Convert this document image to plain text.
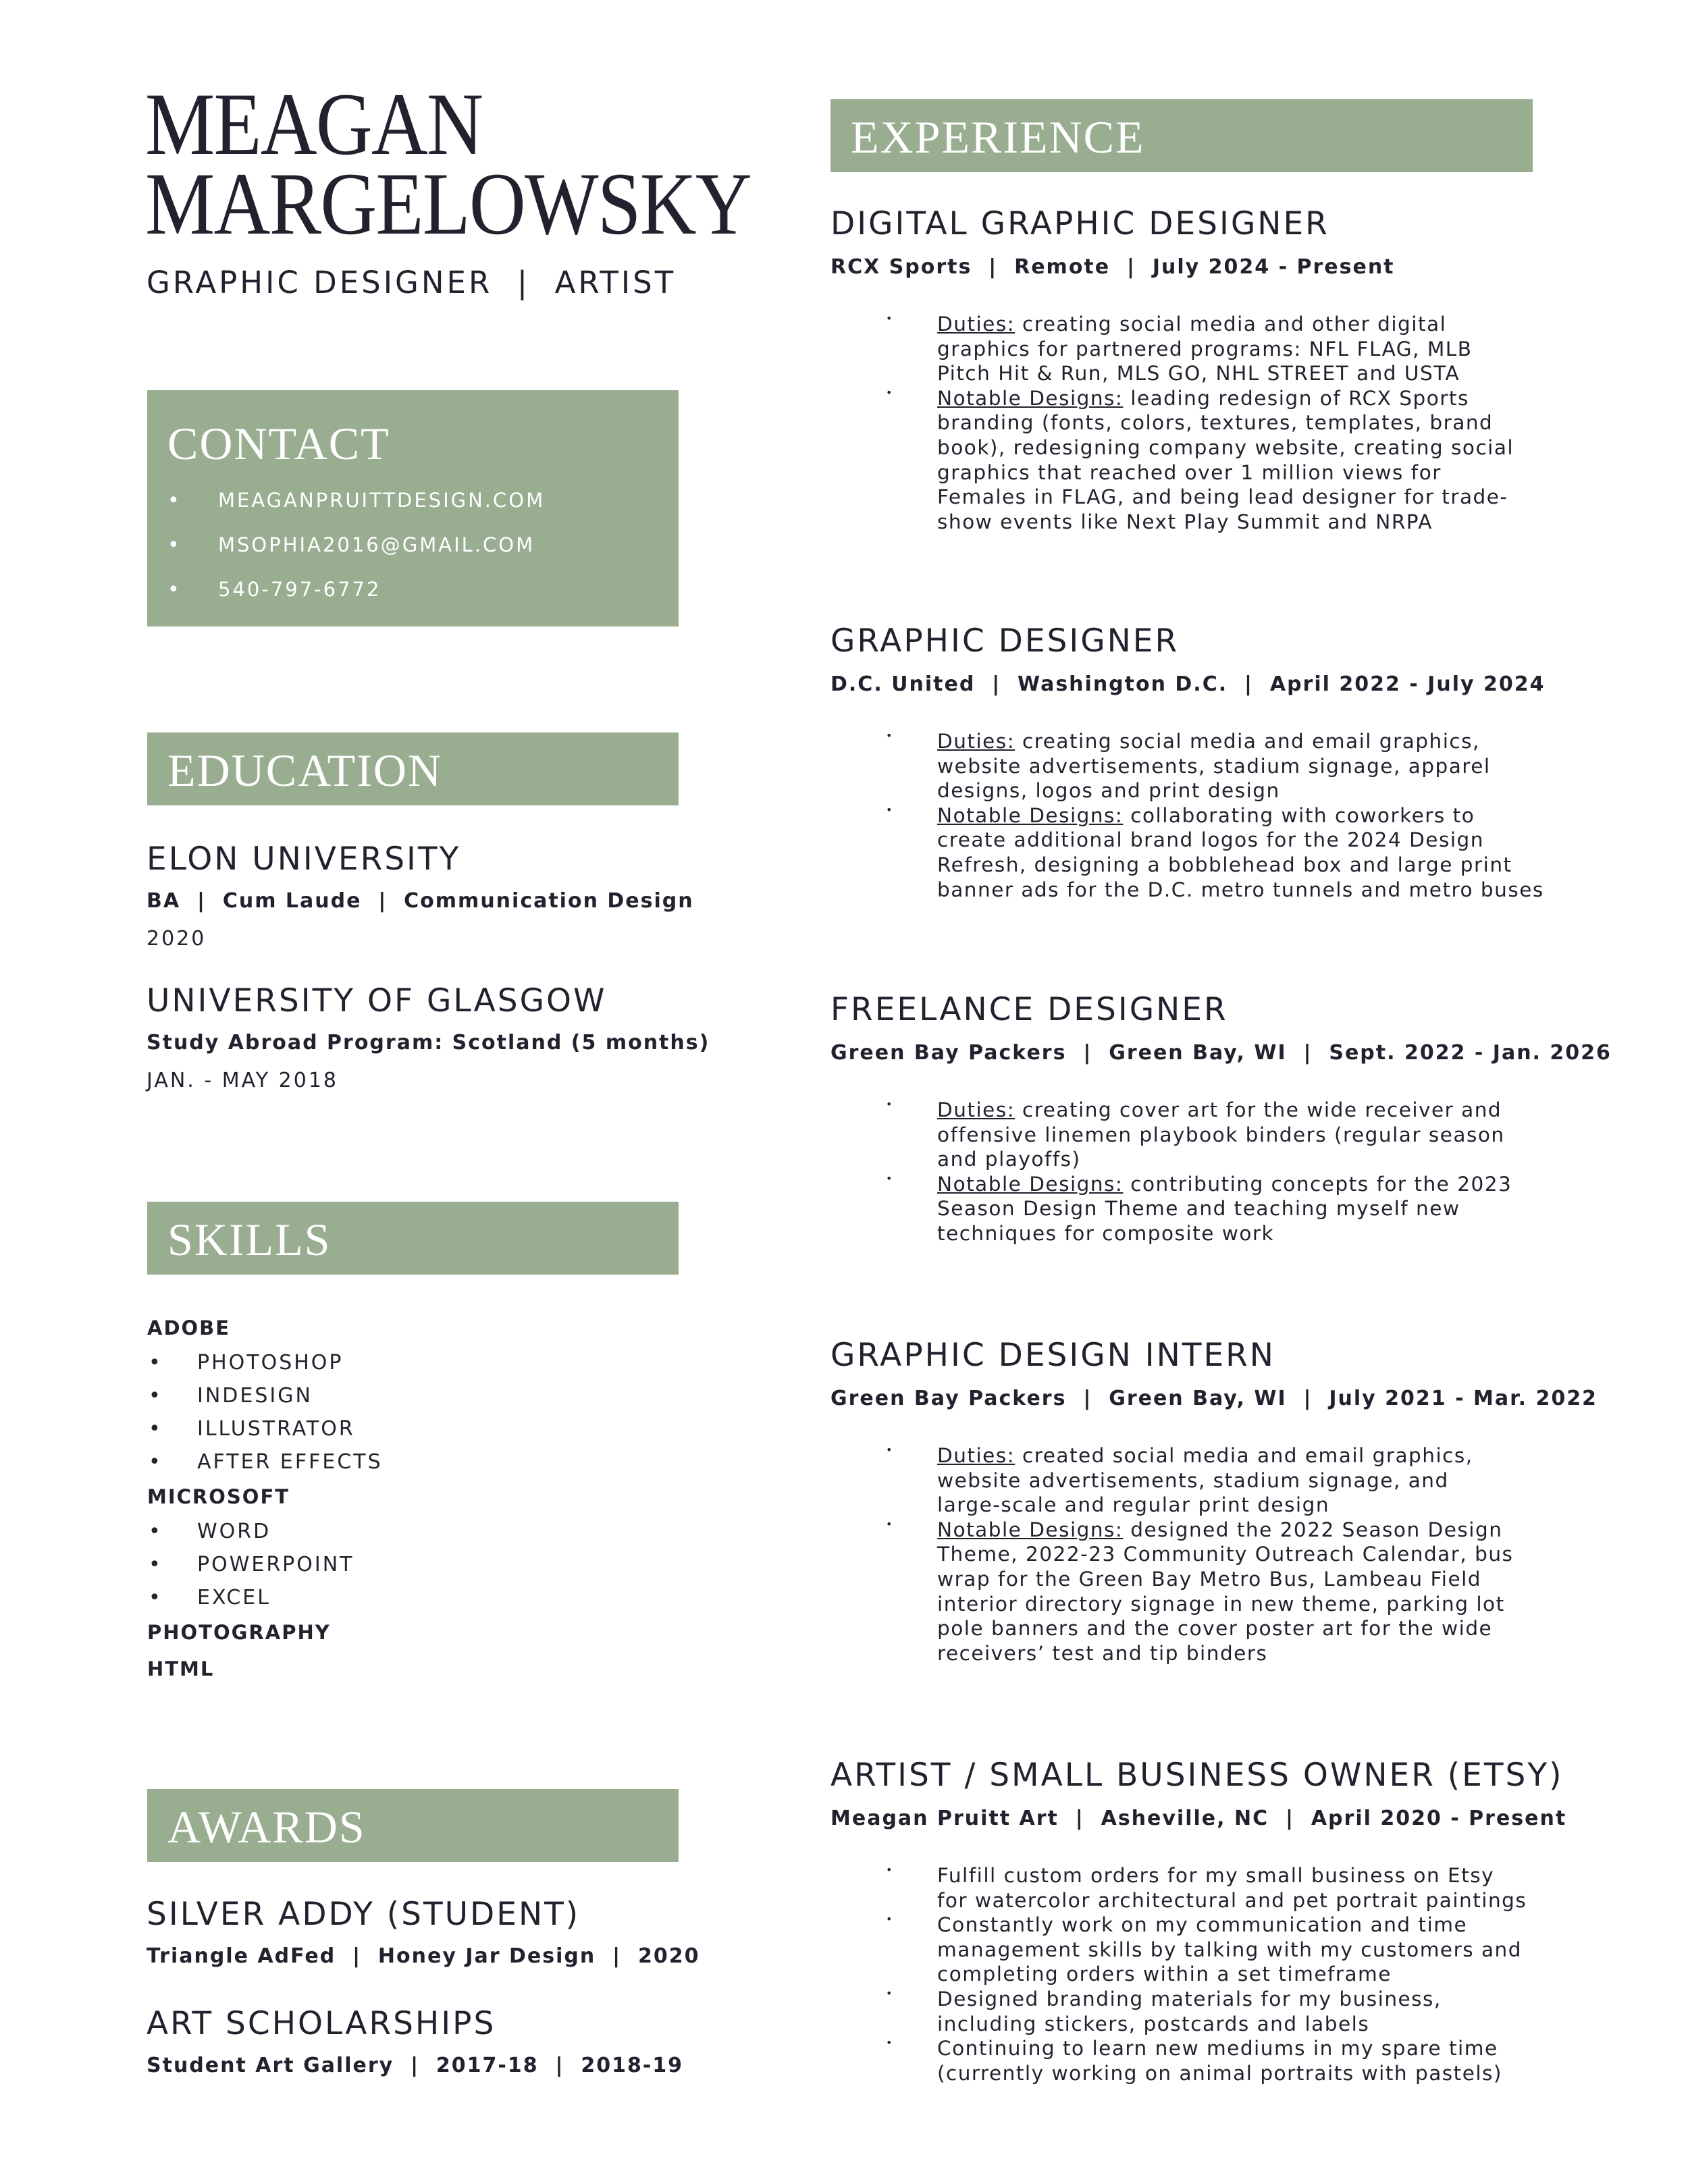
MEAGAN
MARGELOWSKY
GRAPHIC DESIGNER  |  ARTIST
CONTACT
• MEAGANPRUITTDESIGN.COM
• MSOPHIA2016@GMAIL.COM
• 540-797-6772
EDUCATION
ELON UNIVERSITY
BA  |  Cum Laude  |  Communication Design
2020
UNIVERSITY OF GLASGOW
Study Abroad Program: Scotland (5 months)
JAN. - MAY 2018
SKILLS
ADOBE
• PHOTOSHOP
• INDESIGN
• ILLUSTRATOR
• AFTER EFFECTS
MICROSOFT
• WORD
• POWERPOINT
• EXCEL
PHOTOGRAPHY
HTML
AWARDS
SILVER ADDY (STUDENT)
Triangle AdFed  |  Honey Jar Design  |  2020
ART SCHOLARSHIPS
Student Art Gallery  |  2017-18  |  2018-19
EXPERIENCE
DIGITAL GRAPHIC DESIGNER
RCX Sports  |  Remote  |  July 2024 - Present
• Duties: creating social media and other digital
graphics for partnered programs: NFL FLAG, MLB
Pitch Hit & Run, MLS GO, NHL STREET and USTA
• Notable Designs: leading redesign of RCX Sports
branding (fonts, colors, textures, templates, brand
book), redesigning company website, creating social
graphics that reached over 1 million views for
Females in FLAG, and being lead designer for trade-
show events like Next Play Summit and NRPA
GRAPHIC DESIGNER
D.C. United  |  Washington D.C.  |  April 2022 - July 2024
• Duties: creating social media and email graphics,
website advertisements, stadium signage, apparel
designs, logos and print design
• Notable Designs: collaborating with coworkers to
create additional brand logos for the 2024 Design
Refresh, designing a bobblehead box and large print
banner ads for the D.C. metro tunnels and metro buses
FREELANCE DESIGNER
Green Bay Packers  |  Green Bay, WI  |  Sept. 2022 - Jan. 2026
• Duties: creating cover art for the wide receiver and
offensive linemen playbook binders (regular season
and playoffs)
• Notable Designs: contributing concepts for the 2023
Season Design Theme and teaching myself new
techniques for composite work
GRAPHIC DESIGN INTERN
Green Bay Packers  |  Green Bay, WI  |  July 2021 - Mar. 2022
• Duties: created social media and email graphics,
website advertisements, stadium signage, and
large-scale and regular print design
• Notable Designs: designed the 2022 Season Design
Theme, 2022-23 Community Outreach Calendar, bus
wrap for the Green Bay Metro Bus, Lambeau Field
interior directory signage in new theme, parking lot
pole banners and the cover poster art for the wide
receivers’ test and tip binders
ARTIST / SMALL BUSINESS OWNER (ETSY)
Meagan Pruitt Art  |  Asheville, NC  |  April 2020 - Present
• Fulfill custom orders for my small business on Etsy
for watercolor architectural and pet portrait paintings
• Constantly work on my communication and time
management skills by talking with my customers and
completing orders within a set timeframe
• Designed branding materials for my business,
including stickers, postcards and labels
• Continuing to learn new mediums in my spare time
(currently working on animal portraits with pastels)
